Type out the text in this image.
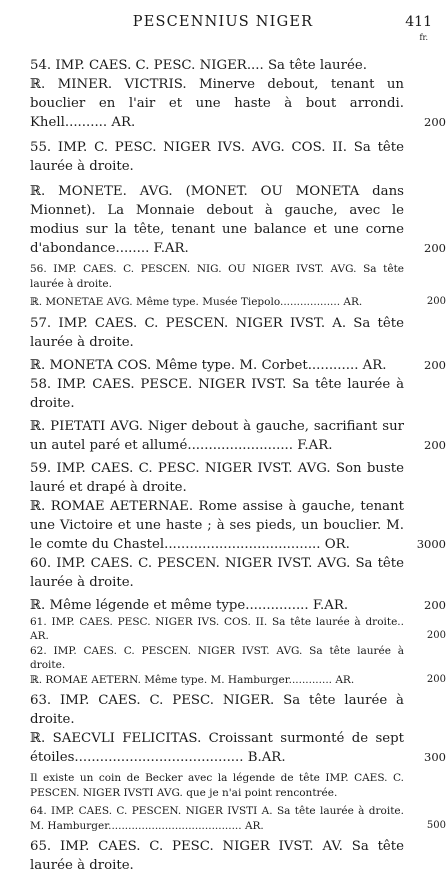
PESCENNIUS NIGER	411
fr.
54. IMP. CAES. C. PESC. NIGER.... Sa tête laurée.
ℝ. MINER. VICTRIS. Minerve debout, tenant un bouclier en l'air et une haste à bout arrondi. Khell.......... AR.	200
55. IMP. C. PESC. NIGER IVS. AVG. COS. II. Sa tête laurée à droite.
ℝ. MONETE. AVG. (MONET. OU MONETA dans Mionnet). La Monnaie debout à gauche, avec le modius sur la tête, tenant une balance et une corne d'abondance........ F.AR.	200
56. IMP. CAES. C. PESCEN. NIG. OU NIGER IVST. AVG. Sa tête laurée à droite.
ℝ. MONETAE AVG. Même type. Musée Tiepolo.................. AR.	200
57. IMP. CAES. C. PESCEN. NIGER IVST. A. Sa tête laurée à droite.
ℝ. MONETA COS. Même type. M. Corbet............ AR.	200
58. IMP. CAES. PESCE. NIGER IVST. Sa tête laurée à droite.
ℝ. PIETATI AVG. Niger debout à gauche, sacrifiant sur un autel paré et allumé......................... F.AR.	200
59. IMP. CAES. C. PESC. NIGER IVST. AVG. Son buste lauré et drapé à droite.
ℝ. ROMAE AETERNAE. Rome assise à gauche, tenant une Victoire et une haste ; à ses pieds, un bouclier. M. le comte du Chastel..................................... OR.	3000
60. IMP. CAES. C. PESCEN. NIGER IVST. AVG. Sa tête laurée à droite.
ℝ. Même légende et même type............... F.AR.	200
61. IMP. CAES. PESC. NIGER IVS. COS. II. Sa tête laurée à droite.. AR.	200
62. IMP. CAES. C. PESCEN. NIGER IVST. AVG. Sa tête laurée à droite.
ℝ. ROMAE AETERN. Même type. M. Hamburger............. AR.	200
63. IMP. CAES. C. PESC. NIGER. Sa tête laurée à droite.
ℝ. SAECVLI FELICITAS. Croissant surmonté de sept étoiles........................................ B.AR.	300
Il existe un coin de Becker avec la légende de tête IMP. CAES. C. PESCEN. NIGER IVSTI AVG. que je n'ai point rencontrée.
64. IMP. CAES. C. PESCEN. NIGER IVSTI A. Sa tête laurée à droite. M. Hamburger........................................ AR.	500
65. IMP. CAES. C. PESC. NIGER IVST. AV. Sa tête laurée à droite.
